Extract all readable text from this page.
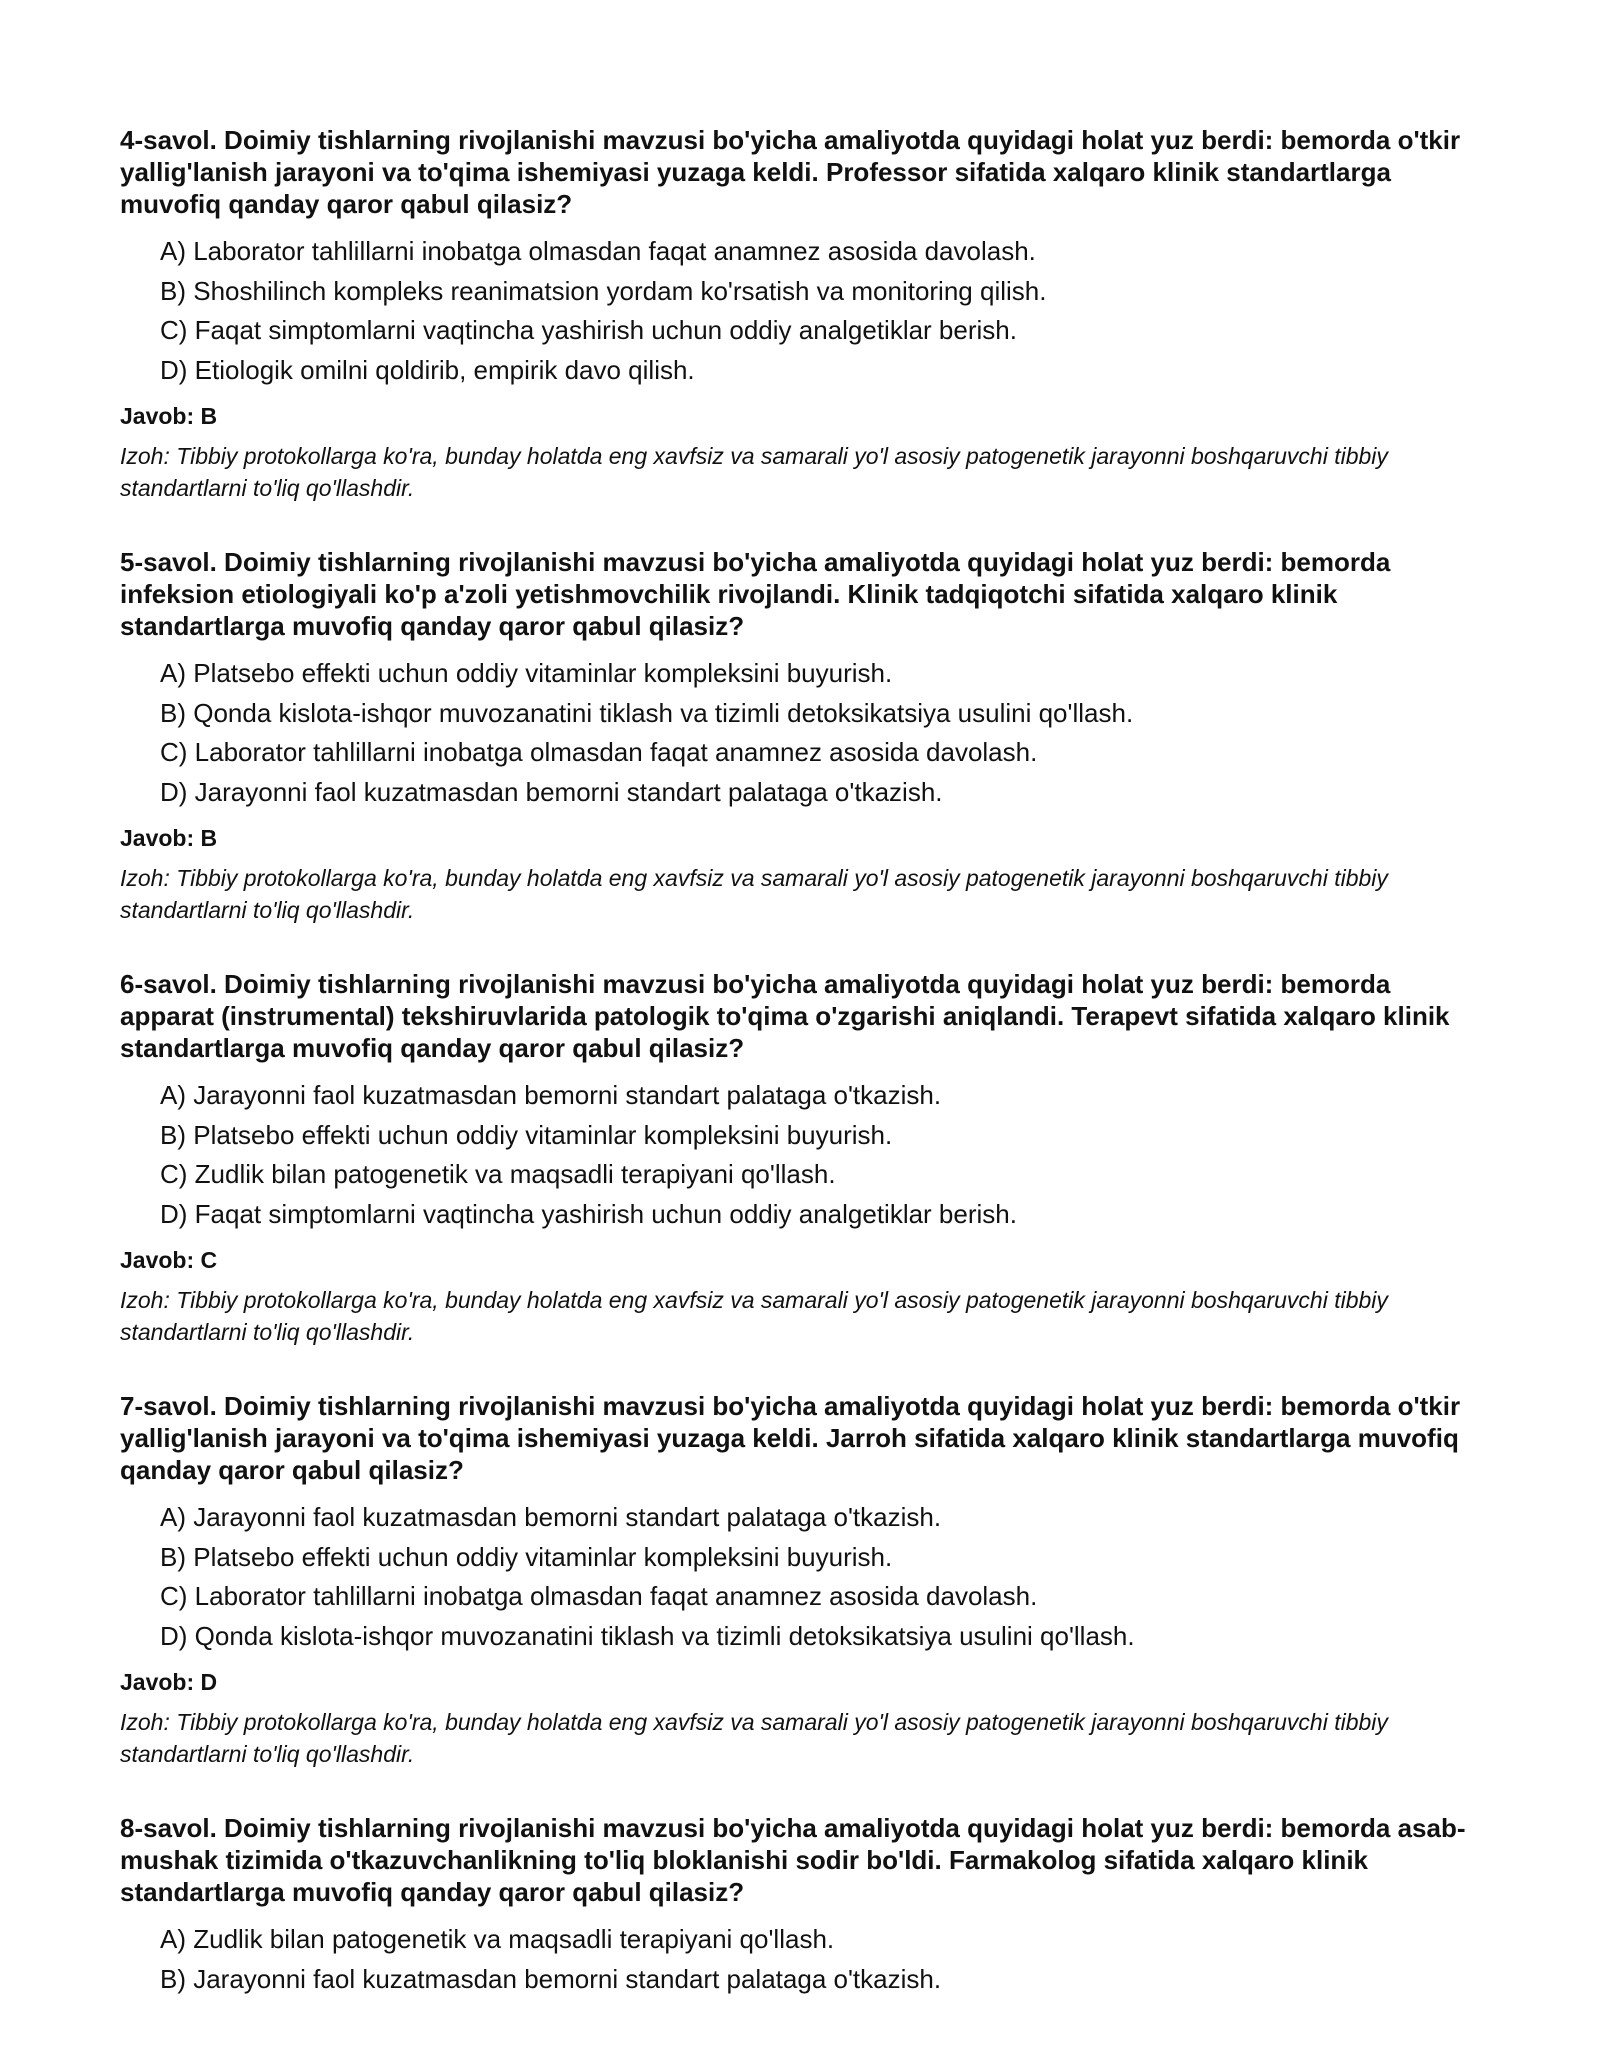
4-savol. Doimiy tishlarning rivojlanishi mavzusi bo'yicha amaliyotda quyidagi holat yuz berdi: bemorda o'tkir yallig'lanish jarayoni va to'qima ishemiyasi yuzaga keldi. Professor sifatida xalqaro klinik standartlarga muvofiq qanday qaror qabul qilasiz?

A) Laborator tahlillarni inobatga olmasdan faqat anamnez asosida davolash.
B) Shoshilinch kompleks reanimatsion yordam ko'rsatish va monitoring qilish.
C) Faqat simptomlarni vaqtincha yashirish uchun oddiy analgetiklar berish.
D) Etiologik omilni qoldirib, empirik davo qilish.

Javob: B

Izoh: Tibbiy protokollarga ko'ra, bunday holatda eng xavfsiz va samarali yo'l asosiy patogenetik jarayonni boshqaruvchi tibbiy standartlarni to'liq qo'llashdir.

5-savol. Doimiy tishlarning rivojlanishi mavzusi bo'yicha amaliyotda quyidagi holat yuz berdi: bemorda infeksion etiologiyali ko'p a'zoli yetishmovchilik rivojlandi. Klinik tadqiqotchi sifatida xalqaro klinik standartlarga muvofiq qanday qaror qabul qilasiz?

A) Platsebo effekti uchun oddiy vitaminlar kompleksini buyurish.
B) Qonda kislota-ishqor muvozanatini tiklash va tizimli detoksikatsiya usulini qo'llash.
C) Laborator tahlillarni inobatga olmasdan faqat anamnez asosida davolash.
D) Jarayonni faol kuzatmasdan bemorni standart palataga o'tkazish.

Javob: B

Izoh: Tibbiy protokollarga ko'ra, bunday holatda eng xavfsiz va samarali yo'l asosiy patogenetik jarayonni boshqaruvchi tibbiy standartlarni to'liq qo'llashdir.

6-savol. Doimiy tishlarning rivojlanishi mavzusi bo'yicha amaliyotda quyidagi holat yuz berdi: bemorda apparat (instrumental) tekshiruvlarida patologik to'qima o'zgarishi aniqlandi. Terapevt sifatida xalqaro klinik standartlarga muvofiq qanday qaror qabul qilasiz?

A) Jarayonni faol kuzatmasdan bemorni standart palataga o'tkazish.
B) Platsebo effekti uchun oddiy vitaminlar kompleksini buyurish.
C) Zudlik bilan patogenetik va maqsadli terapiyani qo'llash.
D) Faqat simptomlarni vaqtincha yashirish uchun oddiy analgetiklar berish.

Javob: C

Izoh: Tibbiy protokollarga ko'ra, bunday holatda eng xavfsiz va samarali yo'l asosiy patogenetik jarayonni boshqaruvchi tibbiy standartlarni to'liq qo'llashdir.

7-savol. Doimiy tishlarning rivojlanishi mavzusi bo'yicha amaliyotda quyidagi holat yuz berdi: bemorda o'tkir yallig'lanish jarayoni va to'qima ishemiyasi yuzaga keldi. Jarroh sifatida xalqaro klinik standartlarga muvofiq qanday qaror qabul qilasiz?

A) Jarayonni faol kuzatmasdan bemorni standart palataga o'tkazish.
B) Platsebo effekti uchun oddiy vitaminlar kompleksini buyurish.
C) Laborator tahlillarni inobatga olmasdan faqat anamnez asosida davolash.
D) Qonda kislota-ishqor muvozanatini tiklash va tizimli detoksikatsiya usulini qo'llash.

Javob: D

Izoh: Tibbiy protokollarga ko'ra, bunday holatda eng xavfsiz va samarali yo'l asosiy patogenetik jarayonni boshqaruvchi tibbiy standartlarni to'liq qo'llashdir.

8-savol. Doimiy tishlarning rivojlanishi mavzusi bo'yicha amaliyotda quyidagi holat yuz berdi: bemorda asab-mushak tizimida o'tkazuvchanlikning to'liq bloklanishi sodir bo'ldi. Farmakolog sifatida xalqaro klinik standartlarga muvofiq qanday qaror qabul qilasiz?

A) Zudlik bilan patogenetik va maqsadli terapiyani qo'llash.
B) Jarayonni faol kuzatmasdan bemorni standart palataga o'tkazish.
